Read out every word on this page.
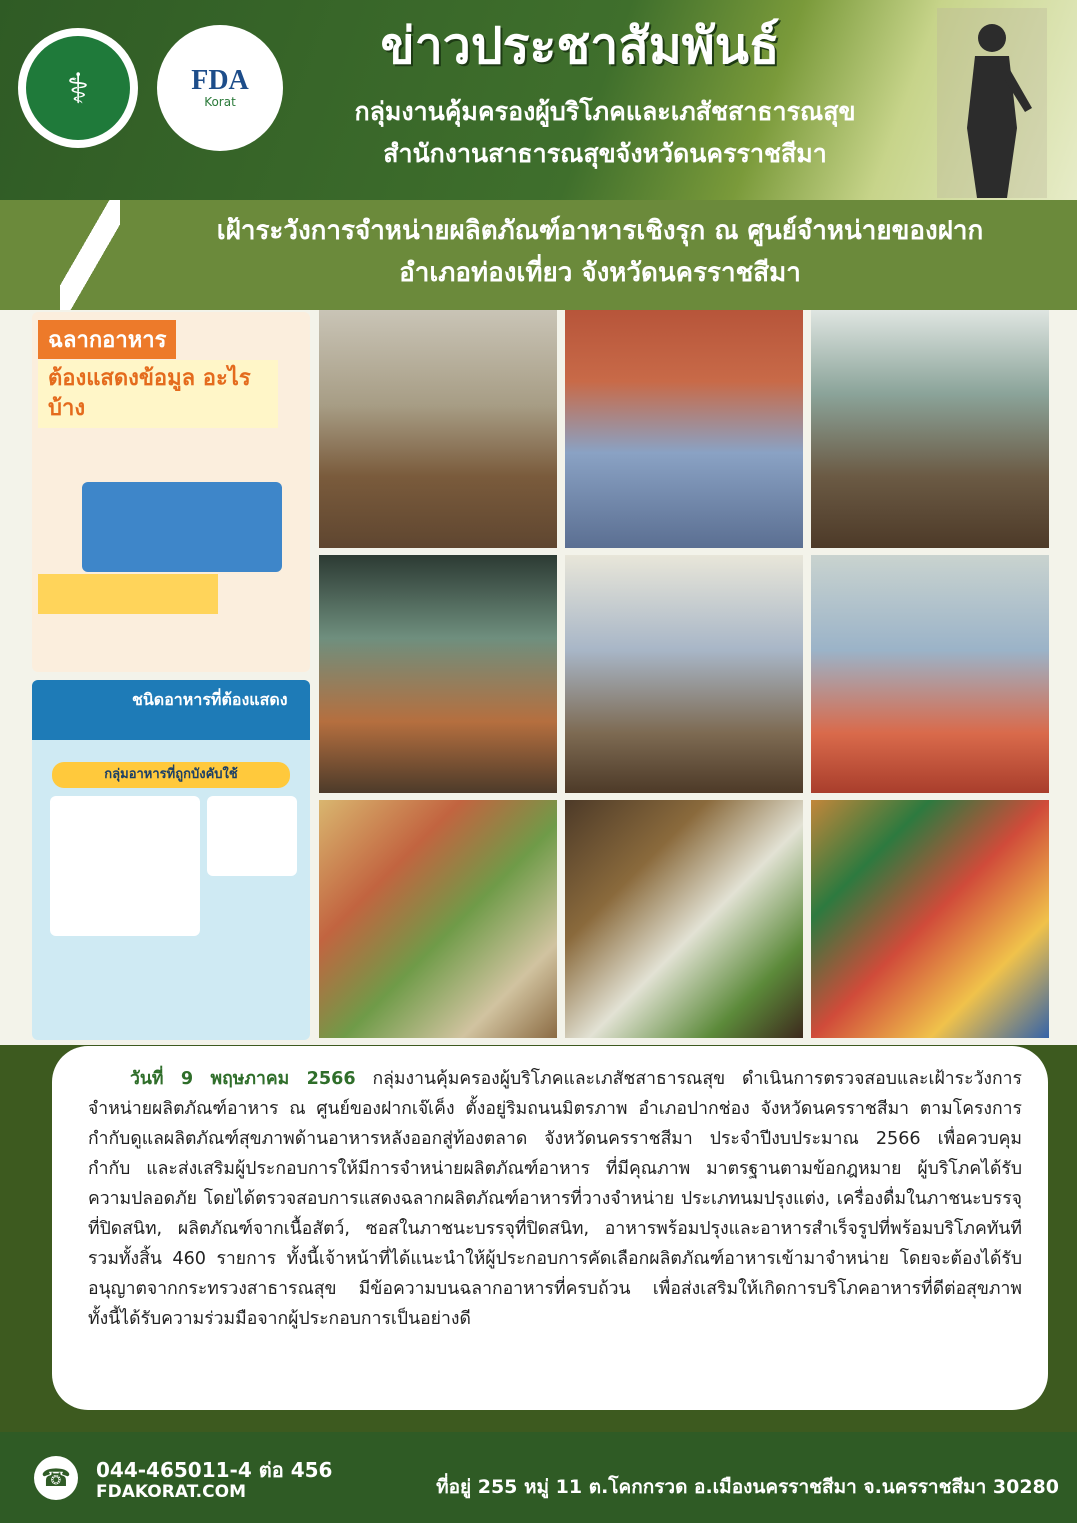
⚕	FDA
Korat
ข่าวประชาสัมพันธ์
กลุ่มงานคุ้มครองผู้บริโภคและเภสัชสาธารณสุข
สำนักงานสาธารณสุขจังหวัดนครราชสีมา
เฝ้าระวังการจำหน่ายผลิตภัณฑ์อาหารเชิงรุก ณ ศูนย์จำหน่ายของฝาก
อำเภอท่องเที่ยว จังหวัดนครราชสีมา
ฉลากอาหาร
ต้องแสดงข้อมูล อะไรบ้าง
ชนิดอาหารที่ต้องแสดง
กลุ่มอาหารที่ถูกบังคับใช้
วันที่ 9 พฤษภาคม 2566 กลุ่มงานคุ้มครองผู้บริโภคและเภสัชสาธารณสุข ดำเนินการตรวจสอบและเฝ้าระวังการจำหน่ายผลิตภัณฑ์อาหาร ณ ศูนย์ของฝากเจ๊เค็ง ตั้งอยู่ริมถนนมิตรภาพ อำเภอปากช่อง จังหวัดนครราชสีมา ตามโครงการกำกับดูแลผลิตภัณฑ์สุขภาพด้านอาหารหลังออกสู่ท้องตลาด จังหวัดนครราชสีมา ประจำปีงบประมาณ 2566 เพื่อควบคุม กำกับ และส่งเสริมผู้ประกอบการให้มีการจำหน่ายผลิตภัณฑ์อาหาร ที่มีคุณภาพ มาตรฐานตามข้อกฎหมาย ผู้บริโภคได้รับความปลอดภัย โดยได้ตรวจสอบการแสดงฉลากผลิตภัณฑ์อาหารที่วางจำหน่าย ประเภทนมปรุงแต่ง, เครื่องดื่มในภาชนะบรรจุที่ปิดสนิท, ผลิตภัณฑ์จากเนื้อสัตว์, ซอสในภาชนะบรรจุที่ปิดสนิท, อาหารพร้อมปรุงและอาหารสำเร็จรูปที่พร้อมบริโภคทันที รวมทั้งสิ้น 460 รายการ ทั้งนี้เจ้าหน้าที่ได้แนะนำให้ผู้ประกอบการคัดเลือกผลิตภัณฑ์อาหารเข้ามาจำหน่าย โดยจะต้องได้รับอนุญาตจากกระทรวงสาธารณสุข มีข้อความบนฉลากอาหารที่ครบถ้วน เพื่อส่งเสริมให้เกิดการบริโภคอาหารที่ดีต่อสุขภาพ ทั้งนี้ได้รับความร่วมมือจากผู้ประกอบการเป็นอย่างดี
☎	044-465011-4 ต่อ 456
FDAKORAT.COM	ที่อยู่ 255 หมู่ 11 ต.โคกกรวด อ.เมืองนครราชสีมา จ.นครราชสีมา 30280
